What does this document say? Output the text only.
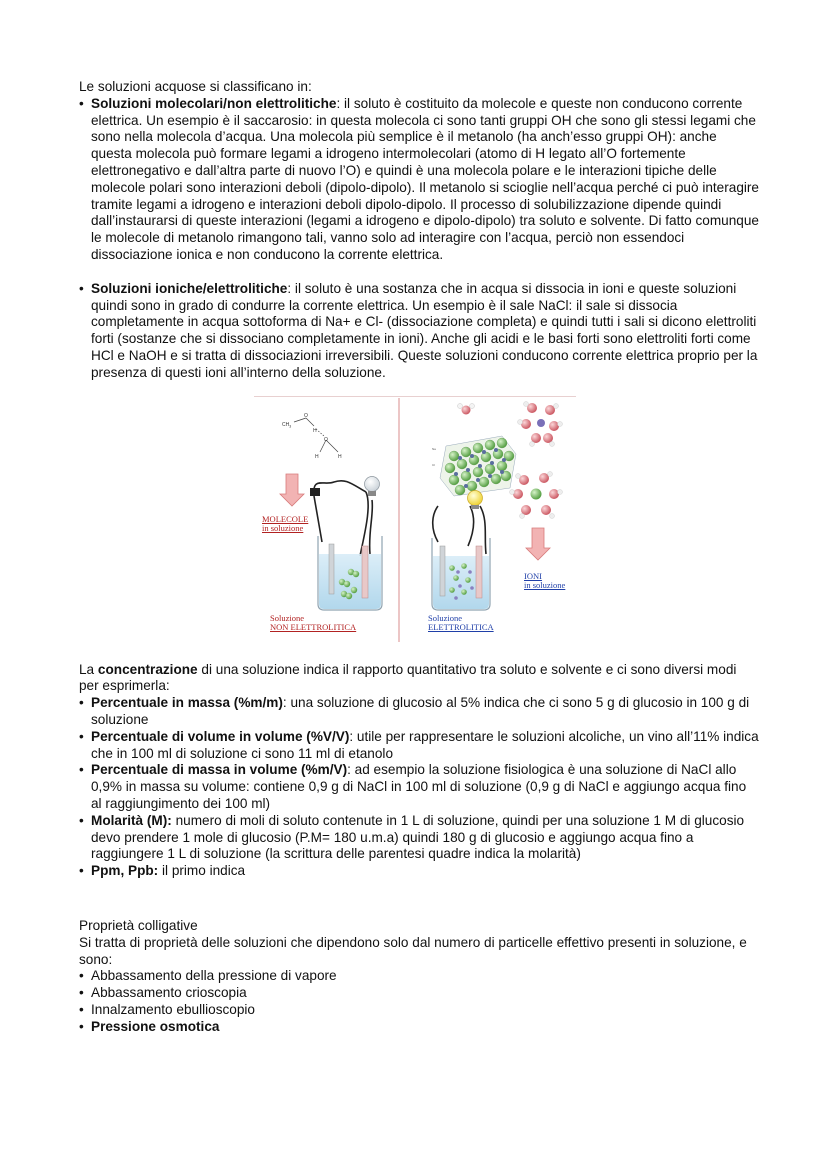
Le soluzioni acquose si classificano in:

• Soluzioni molecolari/non elettrolitiche: il soluto è costituito da molecole e queste non conducono corrente elettrica. Un esempio è il saccarosio: in questa molecola ci sono tanti gruppi OH che sono gli stessi legami che sono nella molecola d’acqua. Una molecola più semplice è il metanolo (ha anch’esso gruppi OH): anche questa molecola può formare legami a idrogeno intermolecolari (atomo di H legato all’O fortemente elettronegativo e dall’altra parte di nuovo l’O) e quindi è una molecola polare e le interazioni tipiche delle molecole polari sono interazioni deboli (dipolo-dipolo). Il metanolo si scioglie nell’acqua perché ci può interagire tramite legami a idrogeno e interazioni deboli dipolo-dipolo. Il processo di solubilizzazione dipende quindi dall’instaurarsi di queste interazioni (legami a idrogeno e dipolo-dipolo) tra soluto e solvente. Di fatto comunque le molecole di metanolo rimangono tali, vanno solo ad interagire con l’acqua, perciò non essendoci dissociazione ionica e non conducono la corrente elettrica.
• Soluzioni ioniche/elettrolitiche: il soluto è una sostanza che in acqua si dissocia in ioni e queste soluzioni quindi sono in grado di condurre la corrente elettrica. Un esempio è il sale NaCl: il sale si dissocia completamente in acqua sottoforma di Na+ e Cl- (dissociazione completa) e quindi tutti i sali si dicono elettroliti forti (sostanze che si dissociano completamente in ioni). Anche gli acidi e le basi forti sono elettroliti forti come HCl e NaOH e si tratta di dissociazioni irreversibili. Queste soluzioni conducono corrente elettrica proprio per la presenza di questi ioni all’interno della soluzione.
$CH_3$
O
H
O
H	H
Na
Cl
MOLECOLE
in soluzione
Soluzione
NON ELETTROLITICA
IONI
in soluzione
Soluzione
ELETTROLITICA

La concentrazione di una soluzione indica il rapporto quantitativo tra soluto e solvente e ci sono diversi modi per esprimerla:

• Percentuale in massa (%m/m): una soluzione di glucosio al 5% indica che ci sono 5 g di glucosio in 100 g di soluzione
• Percentuale di volume in volume (%V/V): utile per rappresentare le soluzioni alcoliche, un vino all’11% indica che in 100 ml di soluzione ci sono 11 ml di etanolo
• Percentuale di massa in volume (%m/V): ad esempio la soluzione fisiologica è una soluzione di NaCl allo 0,9% in massa su volume: contiene 0,9 g di NaCl in 100 ml di soluzione (0,9 g di NaCl e aggiungo acqua fino al raggiungimento dei 100 ml)
• Molarità (M): numero di moli di soluto contenute in 1 L di soluzione, quindi per una soluzione 1 M di glucosio devo prendere 1 mole di glucosio (P.M= 180 u.m.a) quindi 180 g di glucosio e aggiungo acqua fino a raggiungere 1 L di soluzione (la scrittura delle parentesi quadre indica la molarità)
• Ppm, Ppb: il primo indica

Proprietà colligative

Si tratta di proprietà delle soluzioni che dipendono solo dal numero di particelle effettivo presenti in soluzione, e sono:

• Abbassamento della pressione di vapore
• Abbassamento crioscopia
• Innalzamento ebullioscopio
• Pressione osmotica
